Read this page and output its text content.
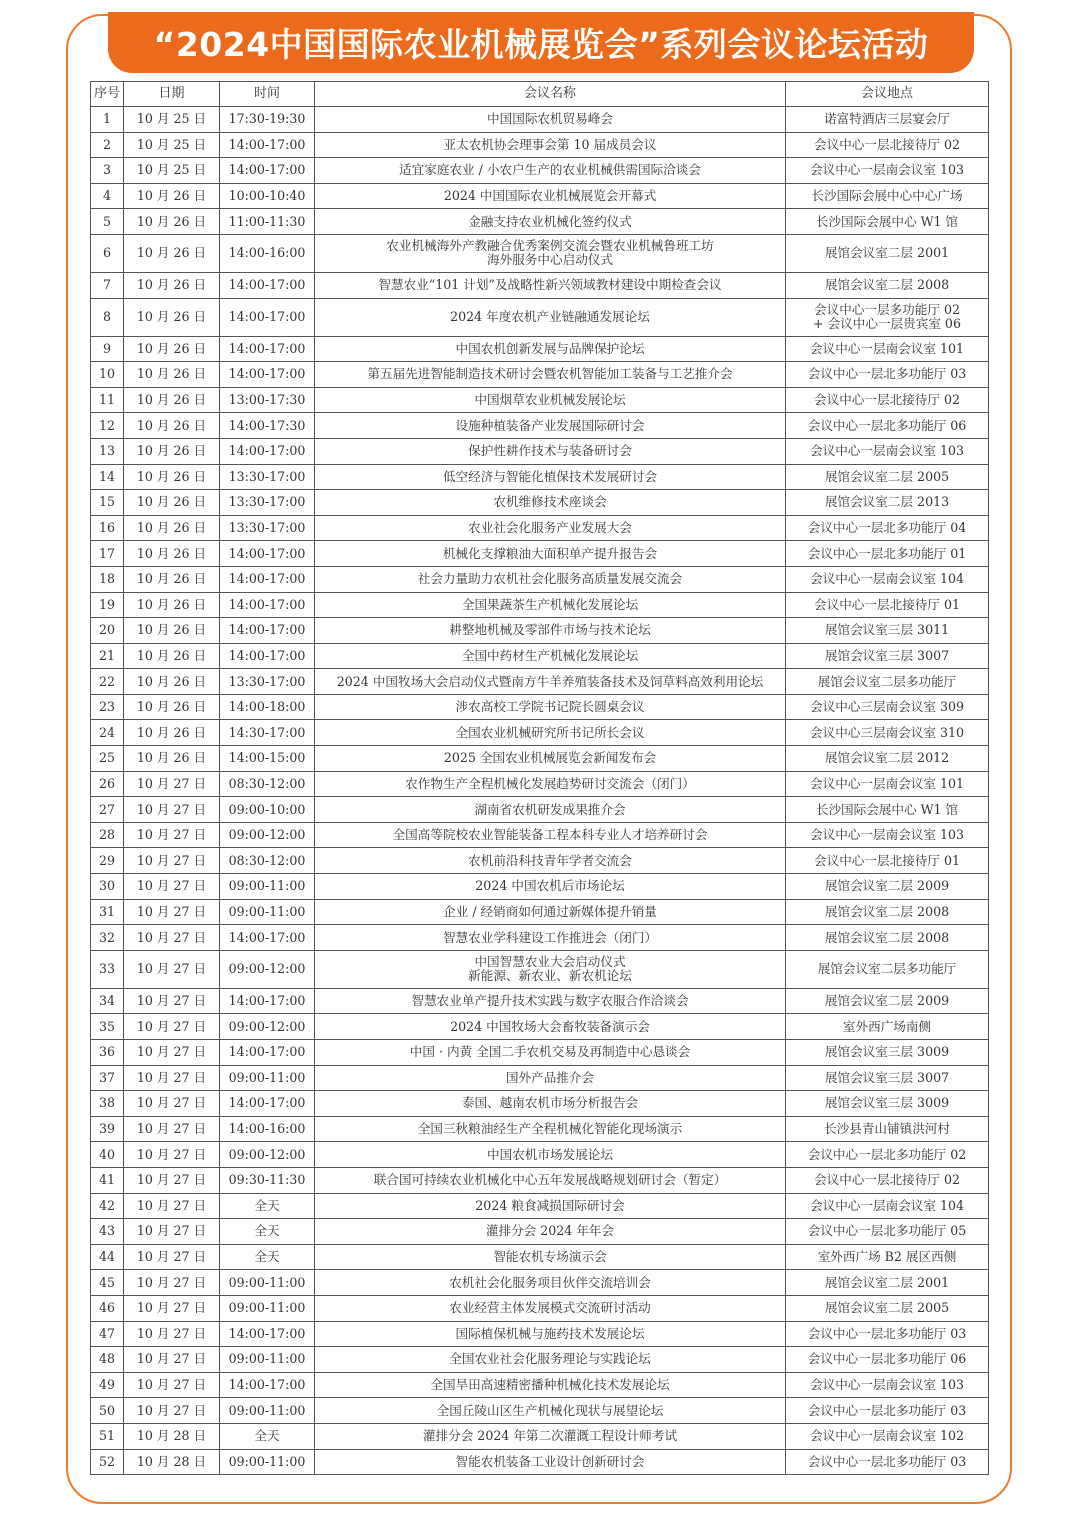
“2024中国国际农业机械展览会”系列会议论坛活动
序号	日期	时间	会议名称	会议地点
1	10 月 25 日	17:30-19:30	中国国际农机贸易峰会	诺富特酒店三层宴会厅
2	10 月 25 日	14:00-17:00	亚太农机协会理事会第 10 届成员会议	会议中心一层北接待厅 02
3	10 月 25 日	14:00-17:00	适宜家庭农业 / 小农户生产的农业机械供需国际洽谈会	会议中心一层南会议室 103
4	10 月 26 日	10:00-10:40	2024 中国国际农业机械展览会开幕式	长沙国际会展中心中心广场
5	10 月 26 日	11:00-11:30	金融支持农业机械化签约仪式	长沙国际会展中心 W1 馆
6	10 月 26 日	14:00-16:00	农业机械海外产教融合优秀案例交流会暨农业机械鲁班工坊
海外服务中心启动仪式	展馆会议室二层 2001
7	10 月 26 日	14:00-17:00	智慧农业“101 计划”及战略性新兴领域教材建设中期检查会议	展馆会议室二层 2008
8	10 月 26 日	14:00-17:00	2024 年度农机产业链融通发展论坛	会议中心一层多功能厅 02
+ 会议中心一层贵宾室 06

9	10 月 26 日	14:00-17:00	中国农机创新发展与品牌保护论坛	会议中心一层南会议室 101
10	10 月 26 日	14:00-17:00	第五届先进智能制造技术研讨会暨农机智能加工装备与工艺推介会	会议中心一层北多功能厅 03
11	10 月 26 日	13:00-17:30	中国烟草农业机械发展论坛	会议中心一层北接待厅 02
12	10 月 26 日	14:00-17:30	设施种植装备产业发展国际研讨会	会议中心一层北多功能厅 06
13	10 月 26 日	14:00-17:00	保护性耕作技术与装备研讨会	会议中心一层南会议室 103
14	10 月 26 日	13:30-17:00	低空经济与智能化植保技术发展研讨会	展馆会议室二层 2005
15	10 月 26 日	13:30-17:00	农机维修技术座谈会	展馆会议室二层 2013
16	10 月 26 日	13:30-17:00	农业社会化服务产业发展大会	会议中心一层北多功能厅 04
17	10 月 26 日	14:00-17:00	机械化支撑粮油大面积单产提升报告会	会议中心一层北多功能厅 01
18	10 月 26 日	14:00-17:00	社会力量助力农机社会化服务高质量发展交流会	会议中心一层南会议室 104
19	10 月 26 日	14:00-17:00	全国果蔬茶生产机械化发展论坛	会议中心一层北接待厅 01
20	10 月 26 日	14:00-17:00	耕整地机械及零部件市场与技术论坛	展馆会议室三层 3011
21	10 月 26 日	14:00-17:00	全国中药材生产机械化发展论坛	展馆会议室三层 3007
22	10 月 26 日	13:30-17:00	2024 中国牧场大会启动仪式暨南方牛羊养殖装备技术及饲草料高效利用论坛	展馆会议室二层多功能厅
23	10 月 26 日	14:00-18:00	涉农高校工学院书记院长圆桌会议	会议中心三层南会议室 309
24	10 月 26 日	14:30-17:00	全国农业机械研究所书记所长会议	会议中心三层南会议室 310
25	10 月 26 日	14:00-15:00	2025 全国农业机械展览会新闻发布会	展馆会议室二层 2012
26	10 月 27 日	08:30-12:00	农作物生产全程机械化发展趋势研讨交流会（闭门）	会议中心一层南会议室 101
27	10 月 27 日	09:00-10:00	湖南省农机研发成果推介会	长沙国际会展中心 W1 馆
28	10 月 27 日	09:00-12:00	全国高等院校农业智能装备工程本科专业人才培养研讨会	会议中心一层南会议室 103
29	10 月 27 日	08:30-12:00	农机前沿科技青年学者交流会	会议中心一层北接待厅 01
30	10 月 27 日	09:00-11:00	2024 中国农机后市场论坛	展馆会议室二层 2009
31	10 月 27 日	09:00-11:00	企业 / 经销商如何通过新媒体提升销量	展馆会议室二层 2008
32	10 月 27 日	14:00-17:00	智慧农业学科建设工作推进会（闭门）	展馆会议室二层 2008
33	10 月 27 日	09:00-12:00	中国智慧农业大会启动仪式
新能源、新农业、新农机论坛	展馆会议室二层多功能厅
34	10 月 27 日	14:00-17:00	智慧农业单产提升技术实践与数字农服合作洽谈会	展馆会议室二层 2009
35	10 月 27 日	09:00-12:00	2024 中国牧场大会畜牧装备演示会	室外西广场南侧
36	10 月 27 日	14:00-17:00	中国 · 内黄 全国二手农机交易及再制造中心恳谈会	展馆会议室三层 3009
37	10 月 27 日	09:00-11:00	国外产品推介会	展馆会议室三层 3007
38	10 月 27 日	14:00-17:00	泰国、越南农机市场分析报告会	展馆会议室三层 3009
39	10 月 27 日	14:00-16:00	全国三秋粮油经生产全程机械化智能化现场演示	长沙县青山铺镇洪河村
40	10 月 27 日	09:00-12:00	中国农机市场发展论坛	会议中心一层北多功能厅 02
41	10 月 27 日	09:30-11:30	联合国可持续农业机械化中心五年发展战略规划研讨会（暂定）	会议中心一层北接待厅 02
42	10 月 27 日	全天	2024 粮食减损国际研讨会	会议中心一层南会议室 104
43	10 月 27 日	全天	灌排分会 2024 年年会	会议中心一层北多功能厅 05
44	10 月 27 日	全天	智能农机专场演示会	室外西广场 B2 展区西侧
45	10 月 27 日	09:00-11:00	农机社会化服务项目伙伴交流培训会	展馆会议室二层 2001
46	10 月 27 日	09:00-11:00	农业经营主体发展模式交流研讨活动	展馆会议室二层 2005
47	10 月 27 日	14:00-17:00	国际植保机械与施药技术发展论坛	会议中心一层北多功能厅 03
48	10 月 27 日	09:00-11:00	全国农业社会化服务理论与实践论坛	会议中心一层北多功能厅 06
49	10 月 27 日	14:00-17:00	全国旱田高速精密播种机械化技术发展论坛	会议中心一层南会议室 103
50	10 月 27 日	09:00-11:00	全国丘陵山区生产机械化现状与展望论坛	会议中心一层北多功能厅 03
51	10 月 28 日	全天	灌排分会 2024 年第二次灌溉工程设计师考试	会议中心一层南会议室 102
52	10 月 28 日	09:00-11:00	智能农机装备工业设计创新研讨会	会议中心一层北多功能厅 03
